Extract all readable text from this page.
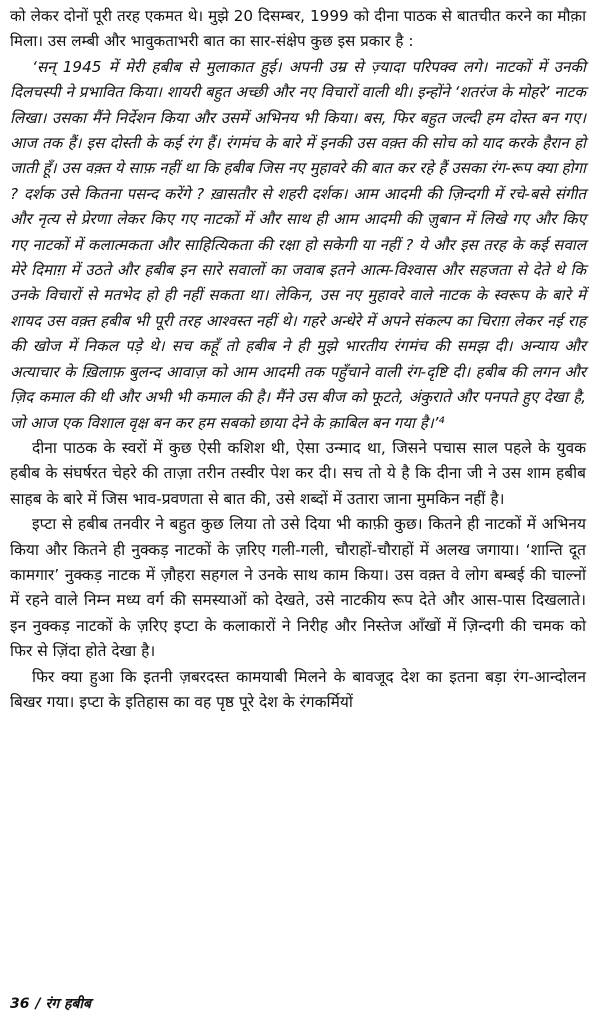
को लेकर दोनों पूरी तरह एकमत थे। मुझे 20 दिसम्बर, 1999 को दीना पाठक से बातचीत करने का मौक़ा मिला। उस लम्बी और भावुकताभरी बात का सार-संक्षेप कुछ इस प्रकार है :

‘सन् 1945 में मेरी हबीब से मुलाकात हुई। अपनी उम्र से ज़्यादा परिपक्व लगे। नाटकों में उनकी दिलचस्पी ने प्रभावित किया। शायरी बहुत अच्छी और नए विचारों वाली थी। इन्होंने ‘शतरंज के मोहरे’ नाटक लिखा। उसका मैंने निर्देशन किया और उसमें अभिनय भी किया। बस, फिर बहुत जल्दी हम दोस्त बन गए। आज तक हैं। इस दोस्ती के कई रंग हैं। रंगमंच के बारे में इनकी उस वक़्त की सोच को याद करके हैरान हो जाती हूँ। उस वक़्त ये साफ़ नहीं था कि हबीब जिस नए मुहावरे की बात कर रहे हैं उसका रंग-रूप क्या होगा ? दर्शक उसे कितना पसन्द करेंगे ? ख़ासतौर से शहरी दर्शक। आम आदमी की ज़िन्दगी में रचे-बसे संगीत और नृत्य से प्रेरणा लेकर किए गए नाटकों में और साथ ही आम आदमी की ज़ुबान में लिखे गए और किए गए नाटकों में कलात्मकता और साहित्यिकता की रक्षा हो सकेगी या नहीं ? ये और इस तरह के कई सवाल मेरे दिमाग़ में उठते और हबीब इन सारे सवालों का जवाब इतने आत्म-विश्वास और सहजता से देते थे कि उनके विचारों से मतभेद हो ही नहीं सकता था। लेकिन, उस नए मुहावरे वाले नाटक के स्वरूप के बारे में शायद उस वक़्त हबीब भी पूरी तरह आश्वस्त नहीं थे। गहरे अन्धेरे में अपने संकल्प का चिराग़ लेकर नई राह की खोज में निकल पड़े थे। सच कहूँ तो हबीब ने ही मुझे भारतीय रंगमंच की समझ दी। अन्याय और अत्याचार के ख़िलाफ़ बुलन्द आवाज़ को आम आदमी तक पहुँचाने वाली रंग-दृष्टि दी। हबीब की लगन और ज़िद कमाल की थी और अभी भी कमाल की है। मैंने उस बीज को फूटते, अंकुराते और पनपते हुए देखा है, जो आज एक विशाल वृक्ष बन कर हम सबको छाया देने के क़ाबिल बन गया है।’⁴

दीना पाठक के स्वरों में कुछ ऐसी कशिश थी, ऐसा उन्माद था, जिसने पचास साल पहले के युवक हबीब के संघर्षरत चेहरे की ताज़ा तरीन तस्वीर पेश कर दी। सच तो ये है कि दीना जी ने उस शाम हबीब साहब के बारे में जिस भाव-प्रवणता से बात की, उसे शब्दों में उतारा जाना मुमकिन नहीं है।

इप्टा से हबीब तनवीर ने बहुत कुछ लिया तो उसे दिया भी काफ़ी कुछ। कितने ही नाटकों में अभिनय किया और कितने ही नुक्कड़ नाटकों के ज़रिए गली-गली, चौराहों-चौराहों में अलख जगाया। ‘शान्ति दूत कामगार’ नुक्कड़ नाटक में ज़ौहरा सहगल ने उनके साथ काम किया। उस वक़्त वे लोग बम्बई की चाल्नों में रहने वाले निम्न मध्य वर्ग की समस्याओं को देखते, उसे नाटकीय रूप देते और आस-पास दिखलाते। इन नुक्कड़ नाटकों के ज़रिए इप्टा के कलाकारों ने निरीह और निस्तेज आँखों में ज़िन्दगी की चमक को फिर से ज़िंदा होते देखा है।

फिर क्या हुआ कि इतनी ज़बरदस्त कामयाबी मिलने के बावजूद देश का इतना बड़ा रंग-आन्दोलन बिखर गया। इप्टा के इतिहास का वह पृष्ठ पूरे देश के रंगकर्मियों

36 / रंग हबीब
